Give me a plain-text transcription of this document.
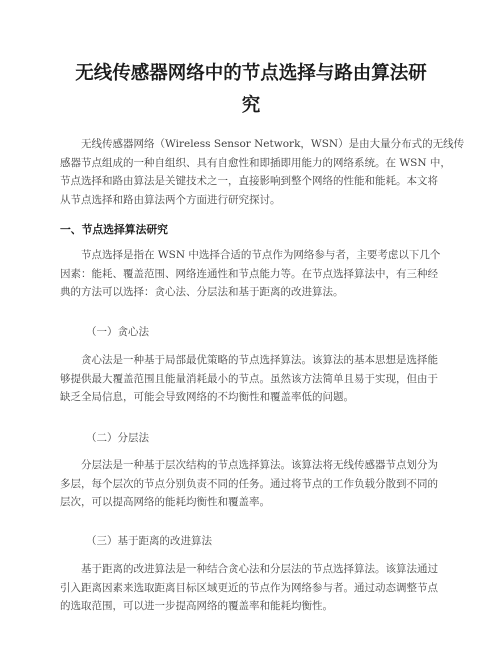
无线传感器网络中的节点选择与路由算法研
究
无线传感器网络（Wireless Sensor Network，WSN）是由大量分布式的无线传
感器节点组成的一种自组织、具有自愈性和即插即用能力的网络系统。在 WSN 中，
节点选择和路由算法是关键技术之一，直接影响到整个网络的性能和能耗。本文将
从节点选择和路由算法两个方面进行研究探讨。
一、节点选择算法研究
节点选择是指在 WSN 中选择合适的节点作为网络参与者，主要考虑以下几个
因素：能耗、覆盖范围、网络连通性和节点能力等。在节点选择算法中，有三种经
典的方法可以选择：贪心法、分层法和基于距离的改进算法。
（一）贪心法
贪心法是一种基于局部最优策略的节点选择算法。该算法的基本思想是选择能
够提供最大覆盖范围且能量消耗最小的节点。虽然该方法简单且易于实现，但由于
缺乏全局信息，可能会导致网络的不均衡性和覆盖率低的问题。
（二）分层法
分层法是一种基于层次结构的节点选择算法。该算法将无线传感器节点划分为
多层，每个层次的节点分别负责不同的任务。通过将节点的工作负载分散到不同的
层次，可以提高网络的能耗均衡性和覆盖率。
（三）基于距离的改进算法
基于距离的改进算法是一种结合贪心法和分层法的节点选择算法。该算法通过
引入距离因素来选取距离目标区域更近的节点作为网络参与者。通过动态调整节点
的选取范围，可以进一步提高网络的覆盖率和能耗均衡性。
